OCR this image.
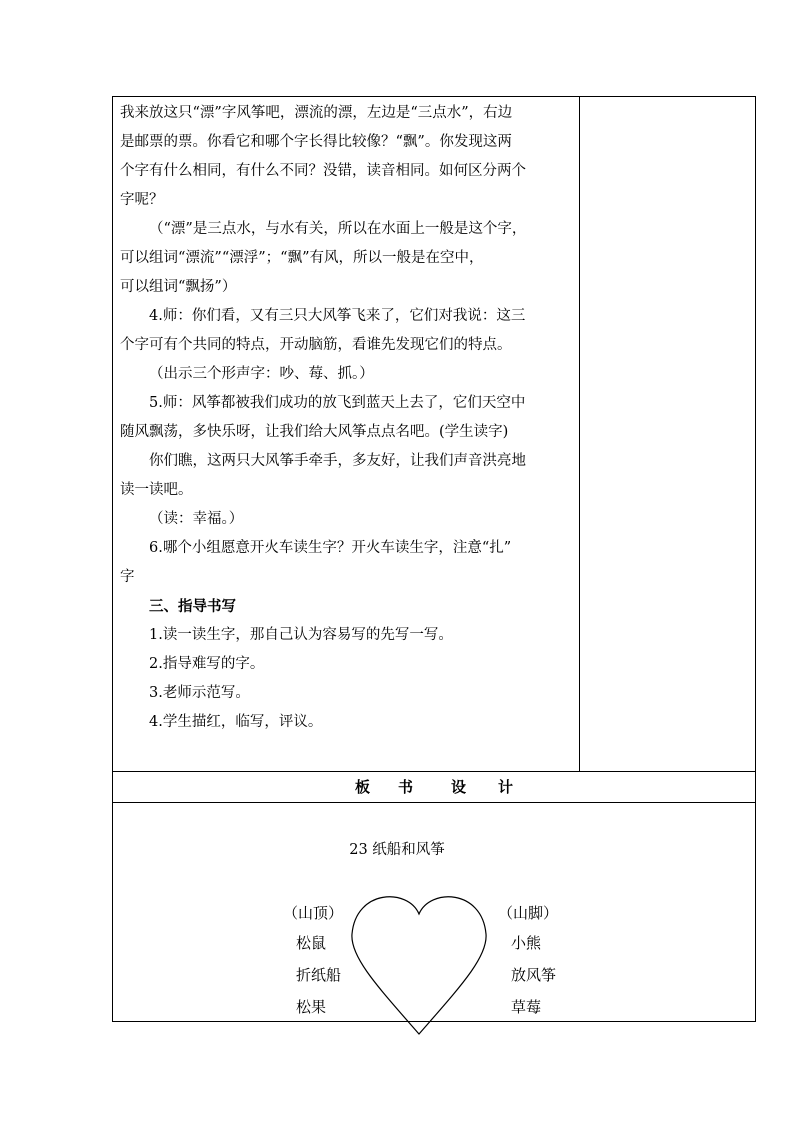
我来放这只“漂”字风筝吧，漂流的漂，左边是“三点水”，右边

是邮票的票。你看它和哪个字长得比较像？“飘”。你发现这两

个字有什么相同，有什么不同？没错，读音相同。如何区分两个

字呢？

（“漂”是三点水，与水有关，所以在水面上一般是这个字，

可以组词“漂流”“漂浮”；“飘”有风，所以一般是在空中，

可以组词“飘扬”）

4.师：你们看，又有三只大风筝飞来了，它们对我说：这三

个字可有个共同的特点，开动脑筋，看谁先发现它们的特点。

（出示三个形声字：吵、莓、抓。）

5.师：风筝都被我们成功的放飞到蓝天上去了，它们天空中

随风飘荡，多快乐呀，让我们给大风筝点点名吧。(学生读字)

你们瞧，这两只大风筝手牵手，多友好，让我们声音洪亮地

读一读吧。

（读：幸福。）

6.哪个小组愿意开火车读生字？开火车读生字，注意“扎”

字

三、指导书写

1.读一读生字，那自己认为容易写的先写一写。

2.指导难写的字。

3.老师示范写。

4.学生描红，临写，评议。

板 书	设 计
23 纸船和风筝
（山顶）
松鼠
折纸船
松果
（山脚）
小熊
放风筝
草莓
